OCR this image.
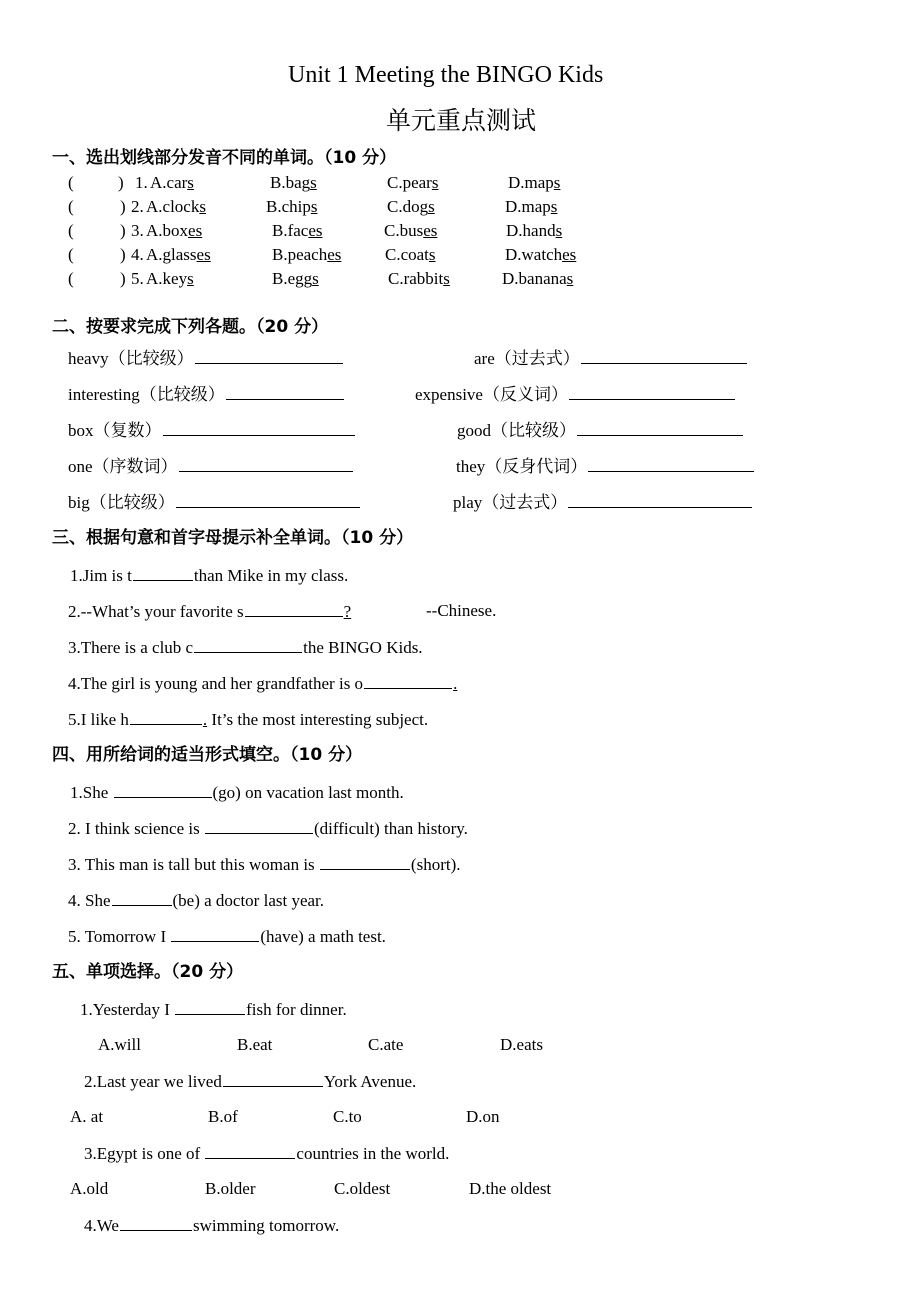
Unit 1 Meeting the BINGO Kids
单元重点测试
一、选出划线部分发音不同的单词。（10 分）
(	) 1. A.cars	B.bags	C.pears	D.maps
(	) 2. A.clocks	B.chips	C.dogs	D.maps
(	) 3. A.boxes	B.faces	C.buses	D.hands
(	) 4. A.glasses	B.peaches	C.coats	D.watches
(	) 5. A.keys	B.eggs	C.rabbits	D.bananas
二、按要求完成下列各题。（20 分）
heavy（比较级）	are（过去式）
interesting（比较级）	expensive（反义词）
box（复数）	good（比较级）
one（序数词）	they（反身代词）
big（比较级）	play（过去式）
三、根据句意和首字母提示补全单词。（10 分）
1.Jim is t	than Mike in my class.
2.--What’s your favorite s	?	--Chinese.
3.There is a club c	the BINGO Kids.
4.The girl is young and her grandfather is o	.
5.I like h	. It’s the most interesting subject.
四、用所给词的适当形式填空。（10 分）
1.She	(go) on vacation last month.
2. I think science is	(difficult) than history.
3. This man is tall but this woman is	(short).
4. She	(be) a doctor last year.
5. Tomorrow I	(have) a math test.
五、单项选择。（20 分）
1.Yesterday I	fish for dinner.
A.will	B.eat	C.ate	D.eats
2.Last year we lived	York Avenue.
A. at	B.of	C.to	D.on
3.Egypt is one of	countries in the world.
A.old	B.older	C.oldest	D.the oldest
4.We	swimming tomorrow.
